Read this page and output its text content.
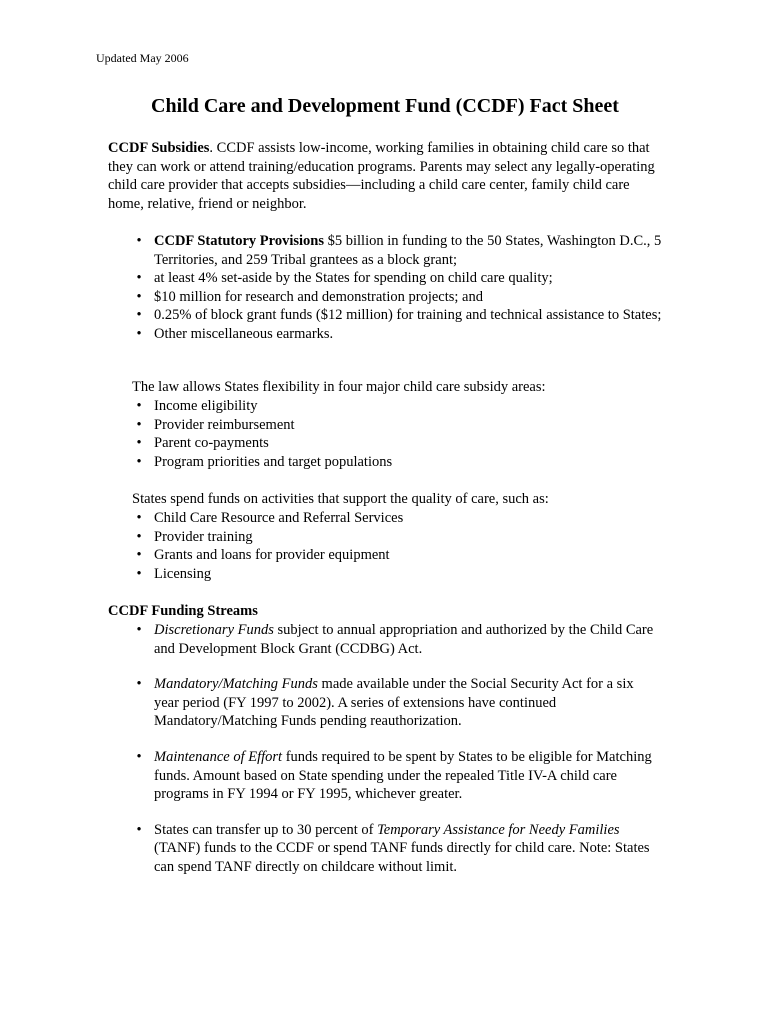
Updated May 2006
Child Care and Development Fund (CCDF) Fact Sheet
CCDF Subsidies. CCDF assists low-income, working families in obtaining child care so that they can work or attend training/education programs. Parents may select any legally-operating child care provider that accepts subsidies—including a child care center, family child care home, relative, friend or neighbor.
• CCDF Statutory Provisions $5 billion in funding to the 50 States, Washington D.C., 5 Territories, and 259 Tribal grantees as a block grant;
• at least 4% set-aside by the States for spending on child care quality;
• $10 million for research and demonstration projects; and
• 0.25% of block grant funds ($12 million) for training and technical assistance to States;
• Other miscellaneous earmarks.
The law allows States flexibility in four major child care subsidy areas:
• Income eligibility
• Provider reimbursement
• Parent co-payments
• Program priorities and target populations
States spend funds on activities that support the quality of care, such as:
• Child Care Resource and Referral Services
• Provider training
• Grants and loans for provider equipment
• Licensing
CCDF Funding Streams
• Discretionary Funds subject to annual appropriation and authorized by the Child Care and Development Block Grant (CCDBG) Act.
• Mandatory/Matching Funds made available under the Social Security Act for a six year period (FY 1997 to 2002). A series of extensions have continued Mandatory/Matching Funds pending reauthorization.
• Maintenance of Effort funds required to be spent by States to be eligible for Matching funds. Amount based on State spending under the repealed Title IV-A child care programs in FY 1994 or FY 1995, whichever greater.
• States can transfer up to 30 percent of Temporary Assistance for Needy Families (TANF) funds to the CCDF or spend TANF funds directly for child care. Note: States can spend TANF directly on childcare without limit.
